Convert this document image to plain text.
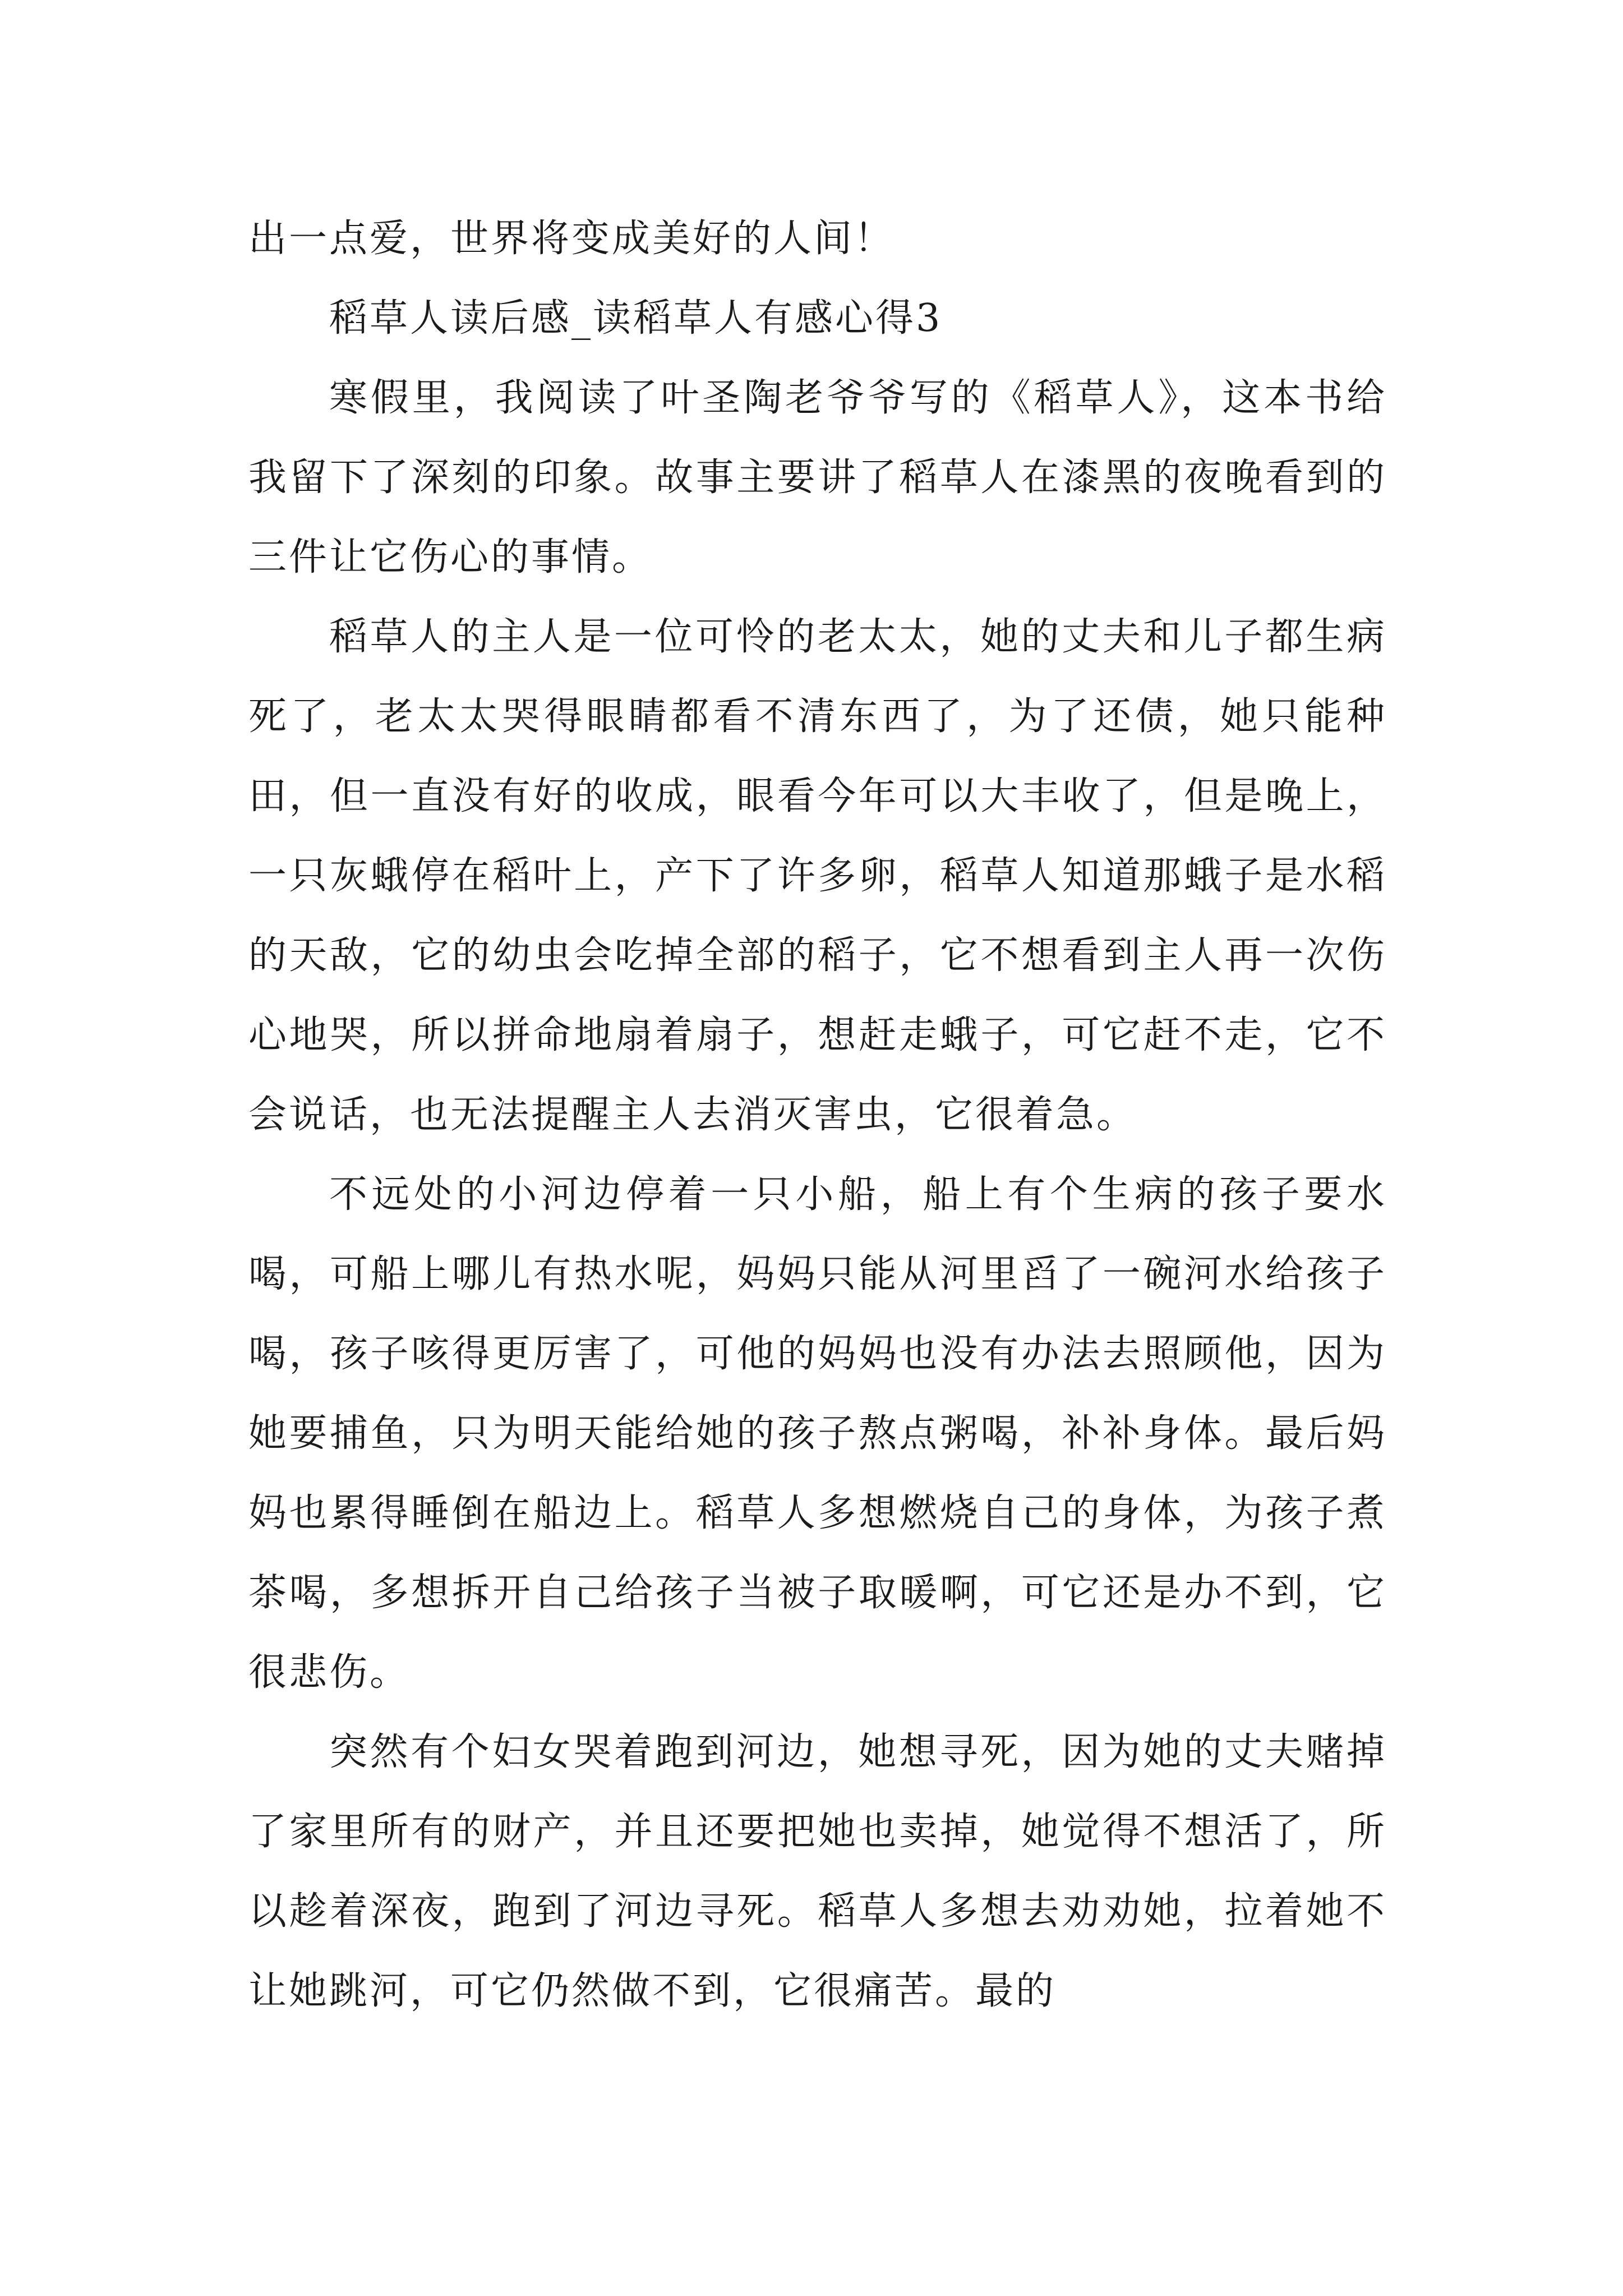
出一点爱，世界将变成美好的人间！

稻草人读后感_读稻草人有感心得3

寒假里，我阅读了叶圣陶老爷爷写的《稻草人》，这本书给我留下了深刻的印象。故事主要讲了稻草人在漆黑的夜晚看到的三件让它伤心的事情。

稻草人的主人是一位可怜的老太太，她的丈夫和儿子都生病死了，老太太哭得眼睛都看不清东西了，为了还债，她只能种田，但一直没有好的收成，眼看今年可以大丰收了，但是晚上，一只灰蛾停在稻叶上，产下了许多卵，稻草人知道那蛾子是水稻的天敌，它的幼虫会吃掉全部的稻子，它不想看到主人再一次伤心地哭，所以拼命地扇着扇子，想赶走蛾子，可它赶不走，它不会说话，也无法提醒主人去消灭害虫，它很着急。

不远处的小河边停着一只小船，船上有个生病的孩子要水喝，可船上哪儿有热水呢，妈妈只能从河里舀了一碗河水给孩子喝，孩子咳得更厉害了，可他的妈妈也没有办法去照顾他，因为她要捕鱼，只为明天能给她的孩子熬点粥喝，补补身体。最后妈妈也累得睡倒在船边上。稻草人多想燃烧自己的身体，为孩子煮茶喝，多想拆开自己给孩子当被子取暖啊，可它还是办不到，它很悲伤。

突然有个妇女哭着跑到河边，她想寻死，因为她的丈夫赌掉了家里所有的财产，并且还要把她也卖掉，她觉得不想活了，所以趁着深夜，跑到了河边寻死。稻草人多想去劝劝她，拉着她不让她跳河，可它仍然做不到，它很痛苦。最的
